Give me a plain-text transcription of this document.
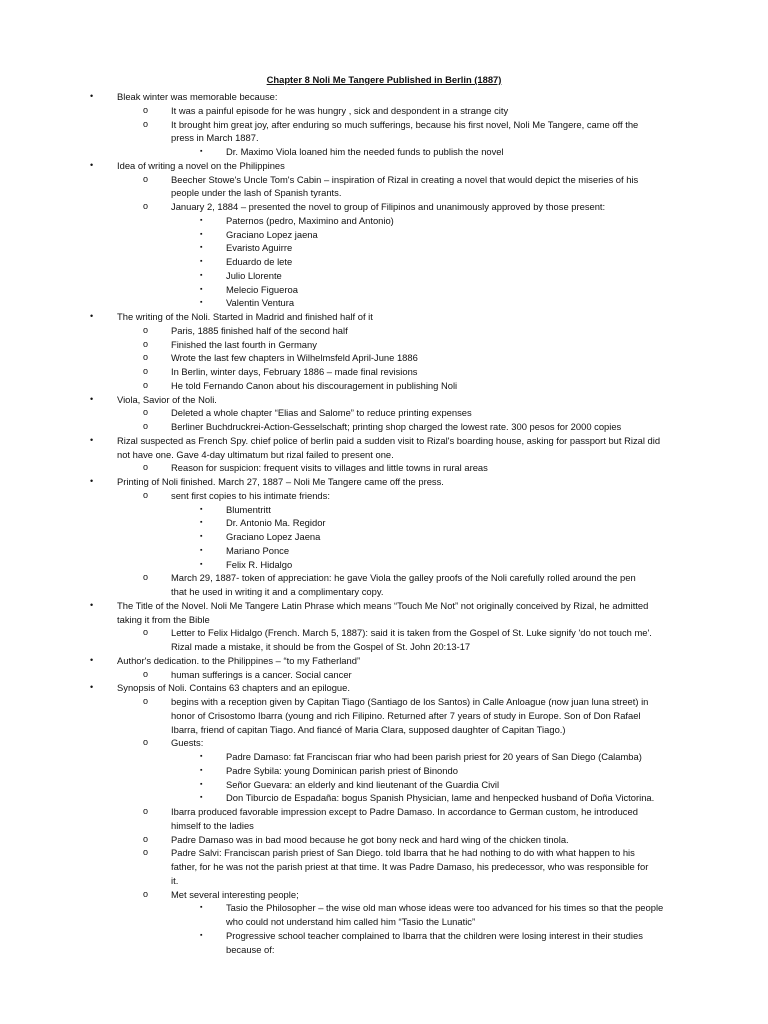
Chapter 8 Noli Me Tangere Published in Berlin (1887)
•	Bleak winter was memorable because:
o It was a painful episode for he was hungry , sick and despondent in a strange city
o It brought him great joy, after enduring so much sufferings, because his first novel, Noli Me Tangere, came off the
press in March 1887.
▪	Dr. Maximo Viola loaned him the needed funds to publish the novel
•	Idea of writing a novel on the Philippines
o Beecher Stowe's Uncle Tom's Cabin – inspiration of Rizal in creating a novel that would depict the miseries of his
people under the lash of Spanish tyrants.
o January 2, 1884 – presented the novel to group of Filipinos and unanimously approved by those present:
▪	Paternos (pedro, Maximino and Antonio)
▪	Graciano Lopez jaena
▪	Evaristo Aguirre
▪	Eduardo de lete
▪	Julio Llorente
▪	Melecio Figueroa
▪	Valentin Ventura
•	The writing of the Noli. Started in Madrid and finished half of it
o Paris, 1885 finished half of the second half
o Finished the last fourth in Germany
o Wrote the last few chapters in Wilhelmsfeld April-June 1886
o In Berlin, winter days, February 1886 – made final revisions
o He told Fernando Canon about his discouragement in publishing Noli
•	Viola, Savior of the Noli.
o Deleted a whole chapter “Elias and Salome” to reduce printing expenses
o Berliner Buchdruckrei-Action-Gesselschaft; printing shop charged the lowest rate. 300 pesos for 2000 copies
•	Rizal suspected as French Spy. chief police of berlin paid a sudden visit to Rizal's boarding house, asking for passport but Rizal did
not have one. Gave 4-day ultimatum but rizal failed to present one.
o Reason for suspicion: frequent visits to villages and little towns in rural areas
•	Printing of Noli finished. March 27, 1887 – Noli Me Tangere came off the press.
o sent first copies to his intimate friends:
▪	Blumentritt
▪	Dr. Antonio Ma. Regidor
▪	Graciano Lopez Jaena
▪	Mariano Ponce
▪	Felix R. Hidalgo
o March 29, 1887- token of appreciation: he gave Viola the galley proofs of the Noli carefully rolled around the pen
that he used in writing it and a complimentary copy.
•	The Title of the Novel. Noli Me Tangere Latin Phrase which means “Touch Me Not” not originally conceived by Rizal, he admitted
taking it from the Bible
o Letter to Felix Hidalgo (French. March 5, 1887): said it is taken from the Gospel of St. Luke signify 'do not touch me'.
Rizal made a mistake, it should be from the Gospel of St. John 20:13-17
•	Author's dedication. to the Philippines – “to my Fatherland”
o human sufferings is a cancer. Social cancer
•	Synopsis of Noli. Contains 63 chapters and an epilogue.
o begins with a reception given by Capitan Tiago (Santiago de los Santos) in Calle Anloague (now juan luna street) in
honor of Crisostomo Ibarra (young and rich Filipino. Returned after 7 years of study in Europe. Son of Don Rafael
Ibarra, friend of capitan Tiago. And fiancé of Maria Clara, supposed daughter of Capitan Tiago.)
o Guests:
▪	Padre Damaso: fat Franciscan friar who had been parish priest for 20 years of San Diego (Calamba)
▪	Padre Sybila: young Dominican parish priest of Binondo
▪	Señor Guevara: an elderly and kind lieutenant of the Guardia Civil
▪	Don Tiburcio de Espadaña: bogus Spanish Physician, lame and henpecked husband of Doña Victorina.
o Ibarra produced favorable impression except to Padre Damaso. In accordance to German custom, he introduced
himself to the ladies
o Padre Damaso was in bad mood because he got bony neck and hard wing of the chicken tinola.
o Padre Salvi: Franciscan parish priest of San Diego. told Ibarra that he had nothing to do with what happen to his
father, for he was not the parish priest at that time. It was Padre Damaso, his predecessor, who was responsible for
it.
o Met several interesting people;
▪	Tasio the Philosopher – the wise old man whose ideas were too advanced for his times so that the people
who could not understand him called him “Tasio the Lunatic”
▪	Progressive school teacher complained to Ibarra that the children were losing interest in their studies
because of:
